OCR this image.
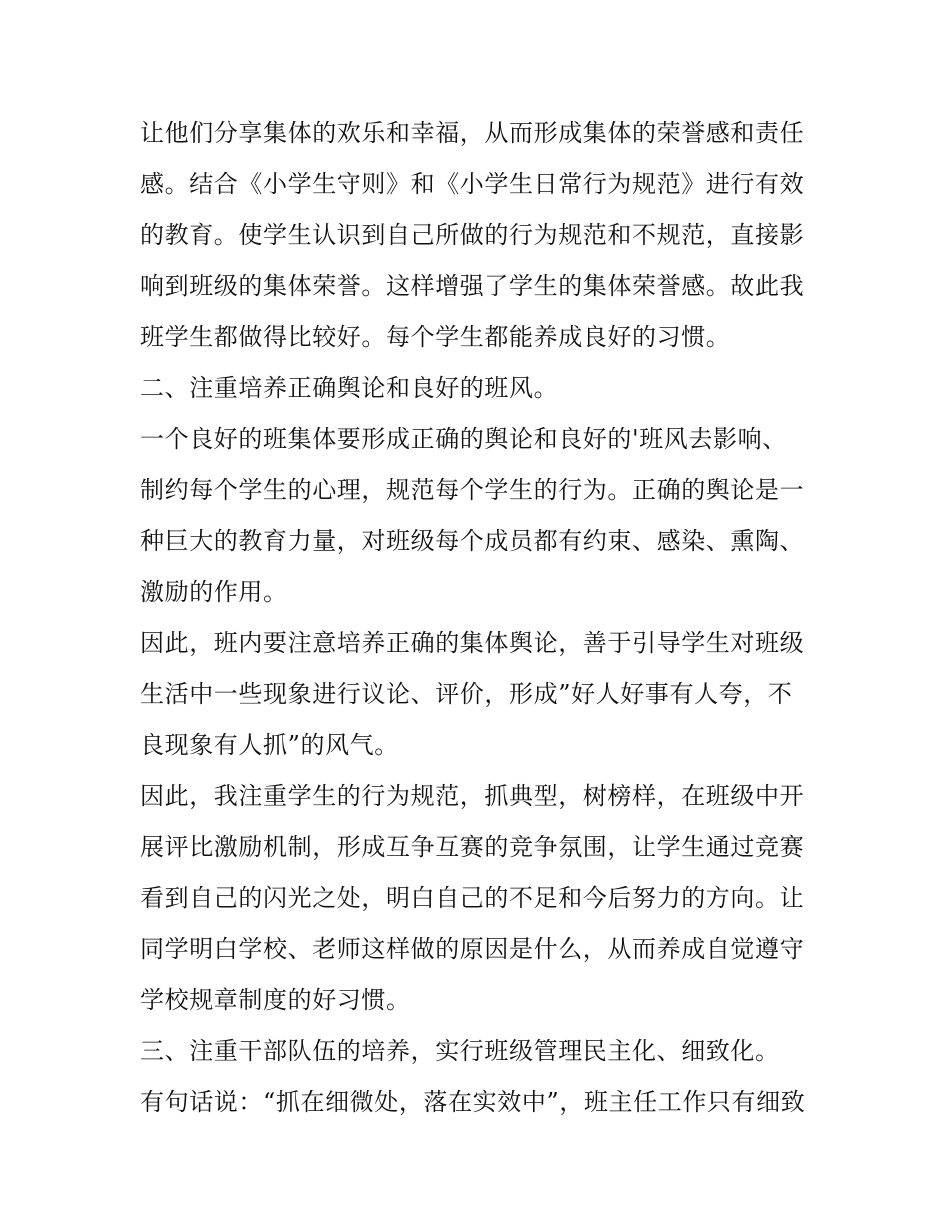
让他们分享集体的欢乐和幸福，从而形成集体的荣誉感和责任
感。结合《小学生守则》和《小学生日常行为规范》进行有效
的教育。使学生认识到自己所做的行为规范和不规范，直接影
响到班级的集体荣誉。这样增强了学生的集体荣誉感。故此我
班学生都做得比较好。每个学生都能养成良好的习惯。
二、注重培养正确舆论和良好的班风。
一个良好的班集体要形成正确的舆论和良好的'班风去影响、
制约每个学生的心理，规范每个学生的行为。正确的舆论是一
种巨大的教育力量，对班级每个成员都有约束、感染、熏陶、
激励的作用。
因此，班内要注意培养正确的集体舆论，善于引导学生对班级
生活中一些现象进行议论、评价，形成”好人好事有人夸，不
良现象有人抓”的风气。
因此，我注重学生的行为规范，抓典型，树榜样，在班级中开
展评比激励机制，形成互争互赛的竞争氛围，让学生通过竞赛
看到自己的闪光之处，明白自己的不足和今后努力的方向。让
同学明白学校、老师这样做的原因是什么，从而养成自觉遵守
学校规章制度的好习惯。
三、注重干部队伍的培养，实行班级管理民主化、细致化。
有句话说：“抓在细微处，落在实效中”，班主任工作只有细致
